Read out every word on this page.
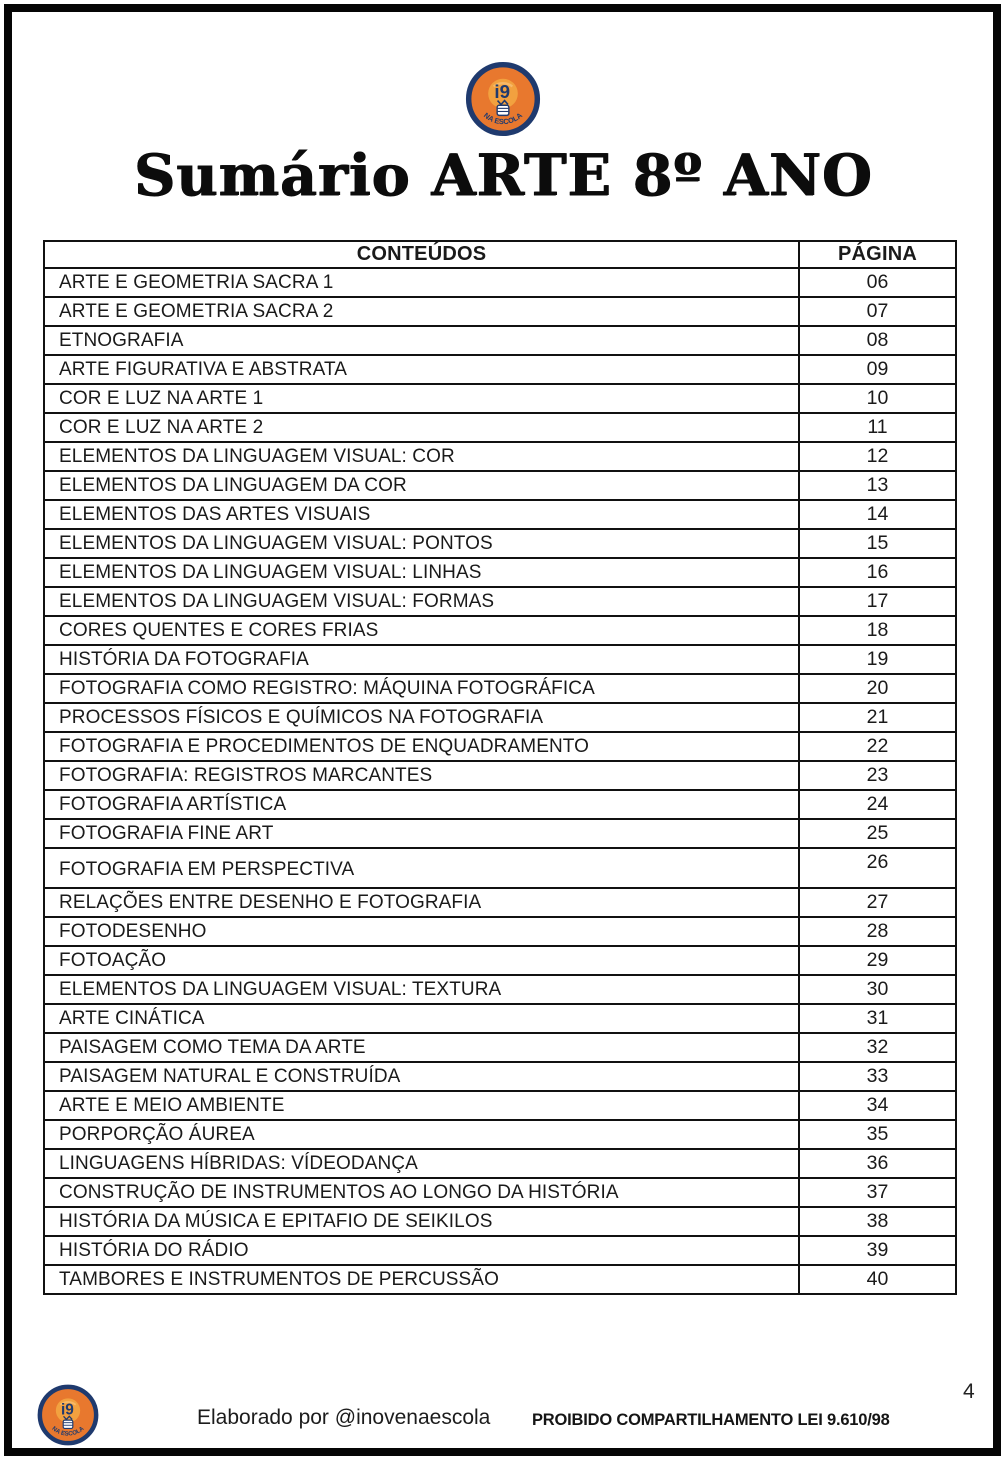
i9
NA ESCOLA
Sumário ARTE 8º ANO
CONTEÚDOS	PÁGINA
ARTE E GEOMETRIA SACRA 1	06
ARTE E GEOMETRIA SACRA 2	07
ETNOGRAFIA	08
ARTE FIGURATIVA E ABSTRATA	09
COR E LUZ NA ARTE 1	10
COR E LUZ NA ARTE 2	11
ELEMENTOS DA LINGUAGEM VISUAL: COR	12
ELEMENTOS DA LINGUAGEM DA COR	13
ELEMENTOS DAS ARTES VISUAIS	14
ELEMENTOS DA LINGUAGEM VISUAL: PONTOS	15
ELEMENTOS DA LINGUAGEM VISUAL: LINHAS	16
ELEMENTOS DA LINGUAGEM VISUAL: FORMAS	17
CORES QUENTES E CORES FRIAS	18
HISTÓRIA DA FOTOGRAFIA	19
FOTOGRAFIA COMO REGISTRO: MÁQUINA FOTOGRÁFICA	20
PROCESSOS FÍSICOS E QUÍMICOS NA FOTOGRAFIA	21
FOTOGRAFIA E PROCEDIMENTOS DE ENQUADRAMENTO	22
FOTOGRAFIA: REGISTROS MARCANTES	23
FOTOGRAFIA ARTÍSTICA	24
FOTOGRAFIA FINE ART	25
FOTOGRAFIA EM PERSPECTIVA	26
RELAÇÕES ENTRE DESENHO E FOTOGRAFIA	27
FOTODESENHO	28
FOTOAÇÃO	29
ELEMENTOS DA LINGUAGEM VISUAL: TEXTURA	30
ARTE CINÁTICA	31
PAISAGEM COMO TEMA DA ARTE	32
PAISAGEM NATURAL E CONSTRUÍDA	33
ARTE E MEIO AMBIENTE	34
PORPORÇÃO ÁUREA	35
LINGUAGENS HÍBRIDAS: VÍDEODANÇA	36
CONSTRUÇÃO DE INSTRUMENTOS AO LONGO DA HISTÓRIA	37
HISTÓRIA DA MÚSICA E EPITAFIO DE SEIKILOS	38
HISTÓRIA DO RÁDIO	39
TAMBORES E INSTRUMENTOS DE PERCUSSÃO	40
i9
NA ESCOLA
Elaborado por @inovenaescola	PROIBIDO COMPARTILHAMENTO LEI 9.610/98
4
